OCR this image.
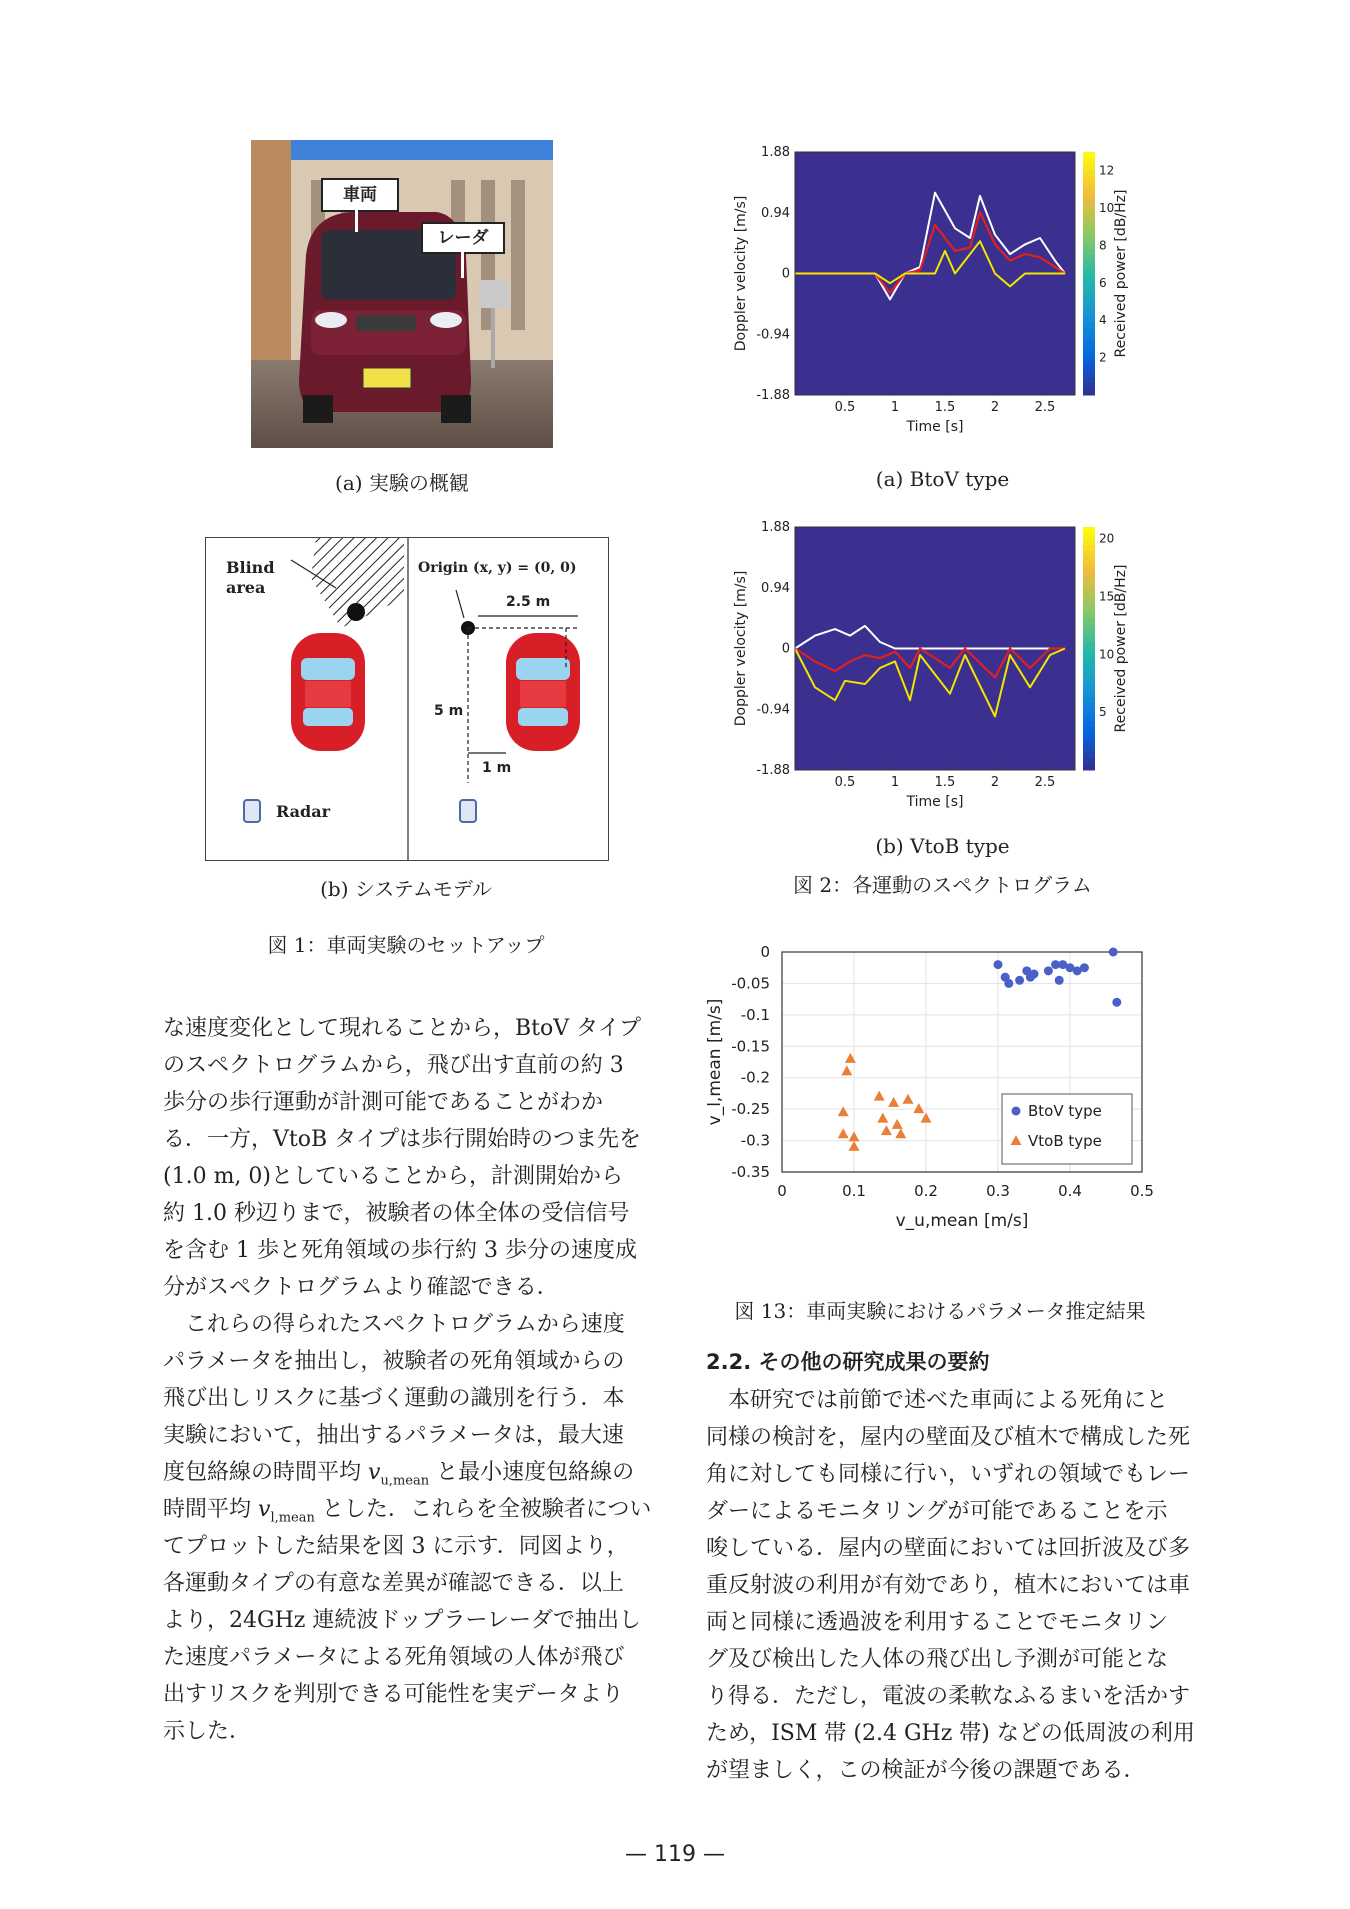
車両
レーダ
(a) 実験の概観
Blind
area
Origin (x, y) = (0, 0)
2.5 m
5 m
1 m
Radar
(b) システムモデル
図 1：車両実験のセットアップ
0.5	1	1.5	2	2.5
1.88
0.94
0
-0.94
-1.88
Time [s]
Doppler velocity [m/s]
12
10
8
6
4
2
Received power [dB/Hz]
(a) BtoV type
0.5	1	1.5	2	2.5
1.88
0.94
0
-0.94
-1.88
Time [s]
Doppler velocity [m/s]
20
15
10
5 Received power [dB/Hz]
(b) VtoB type
図 2：各運動のスペクトログラム
0	0.1	0.2	0.3	0.4	0.5
0
-0.05
-0.1
-0.15
-0.2
-0.25
-0.3
-0.35
BtoV type
VtoB type
v_u,mean [m/s]
v_l,mean [m/s]
図 13：車両実験におけるパラメータ推定結果
な速度変化として現れることから，BtoV タイプ
のスペクトログラムから，飛び出す直前の約 3
歩分の歩行運動が計測可能であることがわか
る．一方，VtoB タイプは歩行開始時のつま先を
(1.0 m, 0)としていることから，計測開始から
約 1.0 秒辺りまで，被験者の体全体の受信信号
を含む 1 歩と死角領域の歩行約 3 歩分の速度成
分がスペクトログラムより確認できる．
　これらの得られたスペクトログラムから速度
パラメータを抽出し，被験者の死角領域からの
飛び出しリスクに基づく運動の識別を行う．本
実験において，抽出するパラメータは，最大速
度包絡線の時間平均 $v_{u,mean}$ と最小速度包絡線の
時間平均 $v_{l,mean}$ とした．これらを全被験者につい
てプロットした結果を図 3 に示す．同図より，
各運動タイプの有意な差異が確認できる．以上
より，24GHz 連続波ドップラーレーダで抽出し
た速度パラメータによる死角領域の人体が飛び
出すリスクを判別できる可能性を実データより
示した．
2.2. その他の研究成果の要約
　本研究では前節で述べた車両による死角にと
同様の検討を，屋内の壁面及び植木で構成した死
角に対しても同様に行い，いずれの領域でもレー
ダーによるモニタリングが可能であることを示
唆している．屋内の壁面においては回折波及び多
重反射波の利用が有効であり，植木においては車
両と同様に透過波を利用することでモニタリン
グ及び検出した人体の飛び出し予測が可能とな
り得る．ただし，電波の柔軟なふるまいを活かす
ため，ISM 帯 (2.4 GHz 帯) などの低周波の利用
が望ましく，この検証が今後の課題である．
— 119 —
